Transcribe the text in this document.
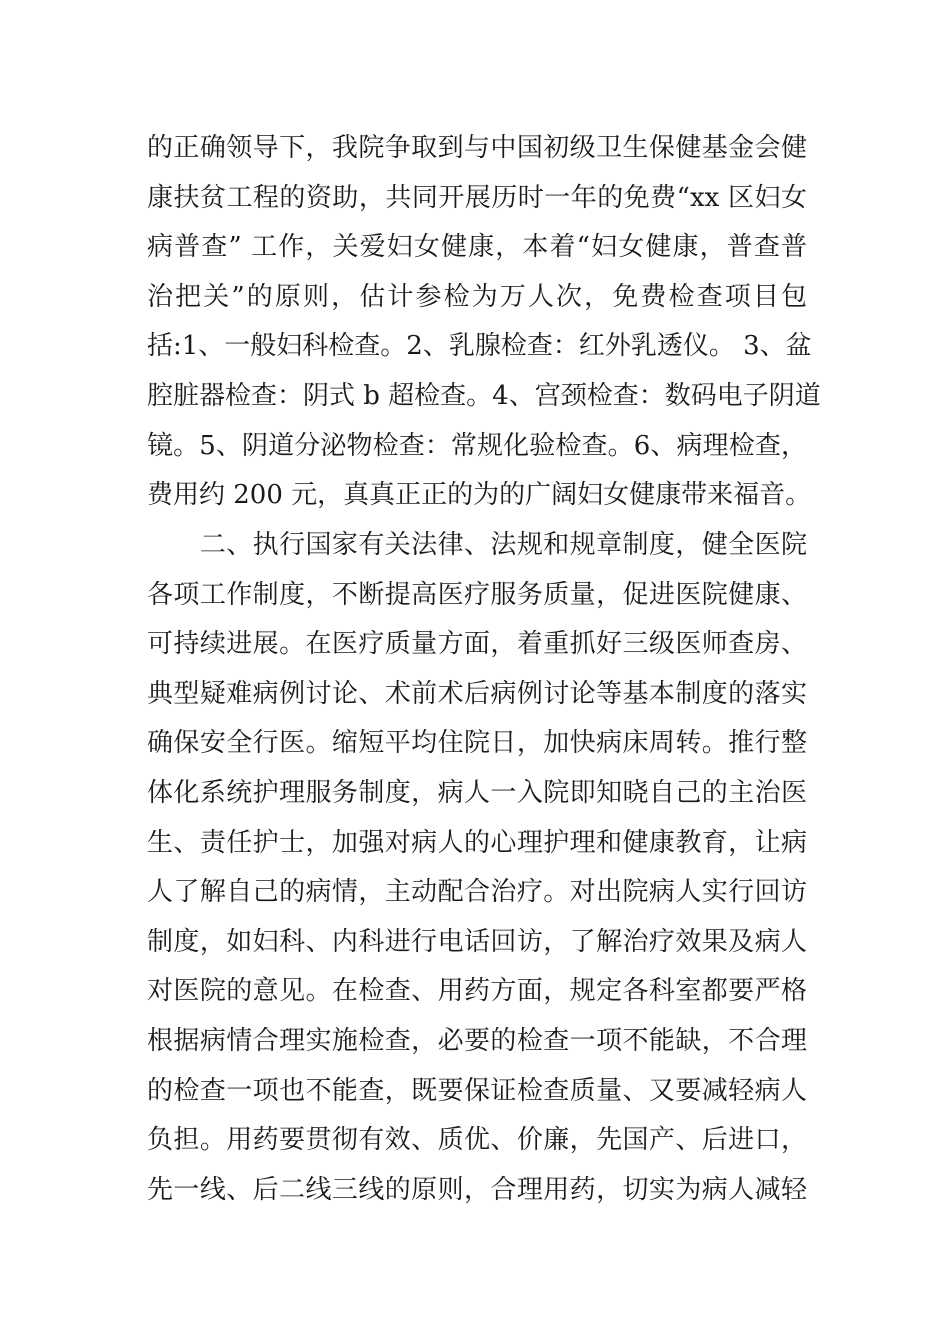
的正确领导下，我院争取到与中国初级卫生保健基金会健
康扶贫工程的资助，共同开展历时一年的免费“xx 区妇女
病普查” 工作，关爱妇女健康，本着“妇女健康，普查普
治把关”的原则，估计参检为万人次，免费检查项目包
括:1、一般妇科检查。2、乳腺检查：红外乳透仪。 3、盆
腔脏器检查：阴式 b 超检查。4、宫颈检查：数码电子阴道
镜。5、阴道分泌物检查：常规化验检查。6、病理检查，
费用约 200 元，真真正正的为的广阔妇女健康带来福音。
　　二、执行国家有关法律、法规和规章制度，健全医院
各项工作制度，不断提高医疗服务质量，促进医院健康、
可持续进展。在医疗质量方面，着重抓好三级医师查房、
典型疑难病例讨论、术前术后病例讨论等基本制度的落实
确保安全行医。缩短平均住院日，加快病床周转。推行整
体化系统护理服务制度，病人一入院即知晓自己的主治医
生、责任护士，加强对病人的心理护理和健康教育，让病
人了解自己的病情，主动配合治疗。对出院病人实行回访
制度，如妇科、内科进行电话回访，了解治疗效果及病人
对医院的意见。在检查、用药方面，规定各科室都要严格
根据病情合理实施检查，必要的检查一项不能缺，不合理
的检查一项也不能查，既要保证检查质量、又要减轻病人
负担。用药要贯彻有效、质优、价廉，先国产、后进口，
先一线、后二线三线的原则，合理用药，切实为病人减轻
